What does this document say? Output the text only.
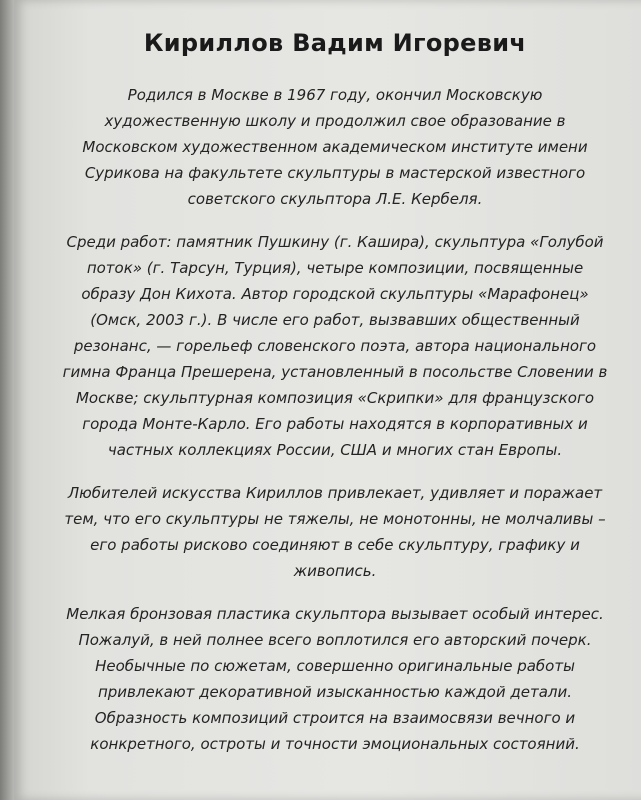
Кириллов Вадим Игоревич

Родился в Москве в 1967 году, окончил Московскую художественную школу и продолжил свое образование в Московском художественном академическом институте имени Сурикова на факультете скульптуры в мастерской известного советского скульптора Л.Е. Кербеля.

Среди работ: памятник Пушкину (г. Кашира), скульптура «Голубой поток» (г. Тарсун, Турция), четыре композиции, посвященные образу Дон Кихота. Автор городской скульптуры «Марафонец» (Омск, 2003 г.). В числе его работ, вызвавших общественный резонанс, — горельеф словенского поэта, автора национального гимна Франца Прешерена, установленный в посольстве Словении в Москве; скульптурная композиция «Скрипки» для французского города Монте-Карло. Его работы находятся в корпоративных и частных коллекциях России, США и многих стан Европы.

Любителей искусства Кириллов привлекает, удивляет и поражает тем, что его скульптуры не тяжелы, не монотонны, не молчаливы – его работы рисково соединяют в себе скульптуру, графику и живопись.

Мелкая бронзовая пластика скульптора вызывает особый интерес. Пожалуй, в ней полнее всего воплотился его авторский почерк. Необычные по сюжетам, совершенно оригинальные работы привлекают декоративной изысканностью каждой детали. Образность композиций строится на взаимосвязи вечного и конкретного, остроты и точности эмоциональных состояний.
